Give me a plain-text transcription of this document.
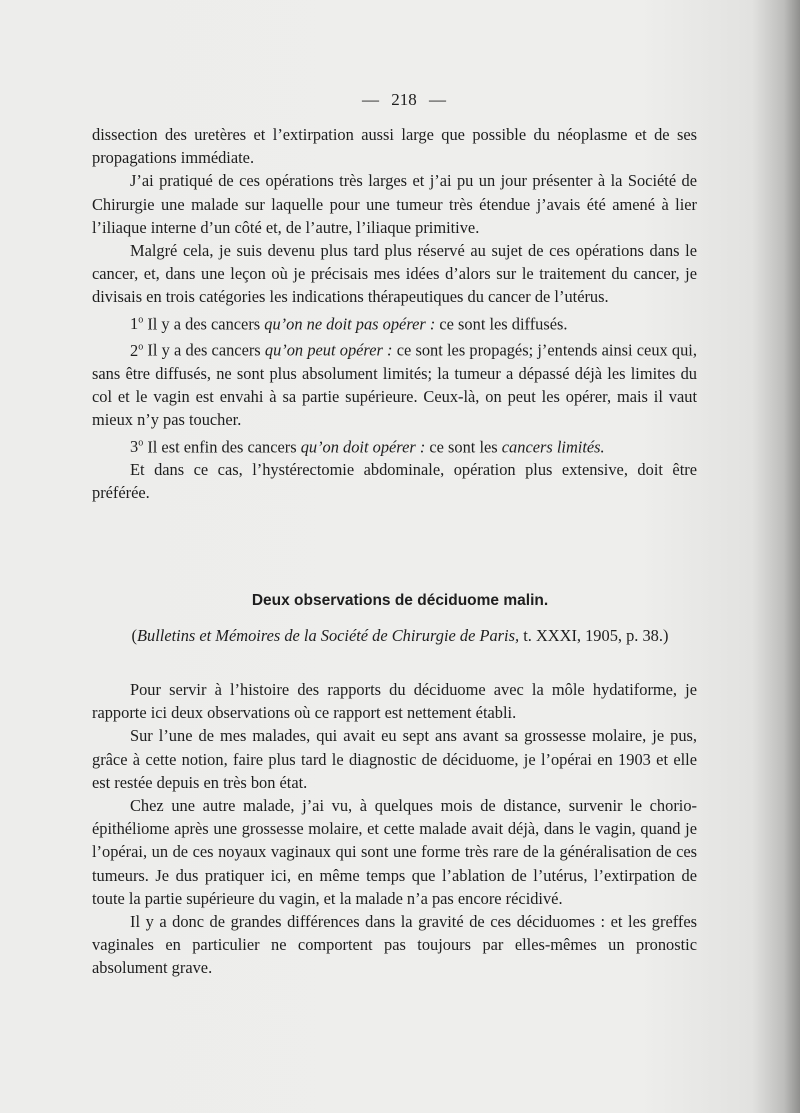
— 218 —

dissection des uretères et l’extirpation aussi large que possible du néoplasme et de ses propagations immédiate.

J’ai pratiqué de ces opérations très larges et j’ai pu un jour présenter à la Société de Chirurgie une malade sur laquelle pour une tumeur très étendue j’avais été amené à lier l’iliaque interne d’un côté et, de l’autre, l’iliaque primitive.

Malgré cela, je suis devenu plus tard plus réservé au sujet de ces opérations dans le cancer, et, dans une leçon où je précisais mes idées d’alors sur le traitement du cancer, je divisais en trois catégories les indications thérapeutiques du cancer de l’utérus.

1$^o$ Il y a des cancers qu’on ne doit pas opérer : ce sont les diffusés.

2$^o$ Il y a des cancers qu’on peut opérer : ce sont les propagés; j’entends ainsi ceux qui, sans être diffusés, ne sont plus absolument limités; la tumeur a dépassé déjà les limites du col et le vagin est envahi à sa partie supérieure. Ceux-là, on peut les opérer, mais il vaut mieux n’y pas toucher.

3$^o$ Il est enfin des cancers qu’on doit opérer : ce sont les cancers limités.

Et dans ce cas, l’hystérectomie abdominale, opération plus extensive, doit être préférée.

Deux observations de déciduome malin.
(Bulletins et Mémoires de la Société de Chirurgie de Paris, t. XXXI, 1905, p. 38.)

Pour servir à l’histoire des rapports du déciduome avec la môle hydatiforme, je rapporte ici deux observations où ce rapport est nettement établi.

Sur l’une de mes malades, qui avait eu sept ans avant sa grossesse molaire, je pus, grâce à cette notion, faire plus tard le diagnostic de déciduome, je l’opérai en 1903 et elle est restée depuis en très bon état.

Chez une autre malade, j’ai vu, à quelques mois de distance, survenir le chorio-épithéliome après une grossesse molaire, et cette malade avait déjà, dans le vagin, quand je l’opérai, un de ces noyaux vaginaux qui sont une forme très rare de la généralisation de ces tumeurs. Je dus pratiquer ici, en même temps que l’ablation de l’utérus, l’extirpation de toute la partie supérieure du vagin, et la malade n’a pas encore récidivé.

Il y a donc de grandes différences dans la gravité de ces déciduomes : et les greffes vaginales en particulier ne comportent pas toujours par elles-mêmes un pronostic absolument grave.
